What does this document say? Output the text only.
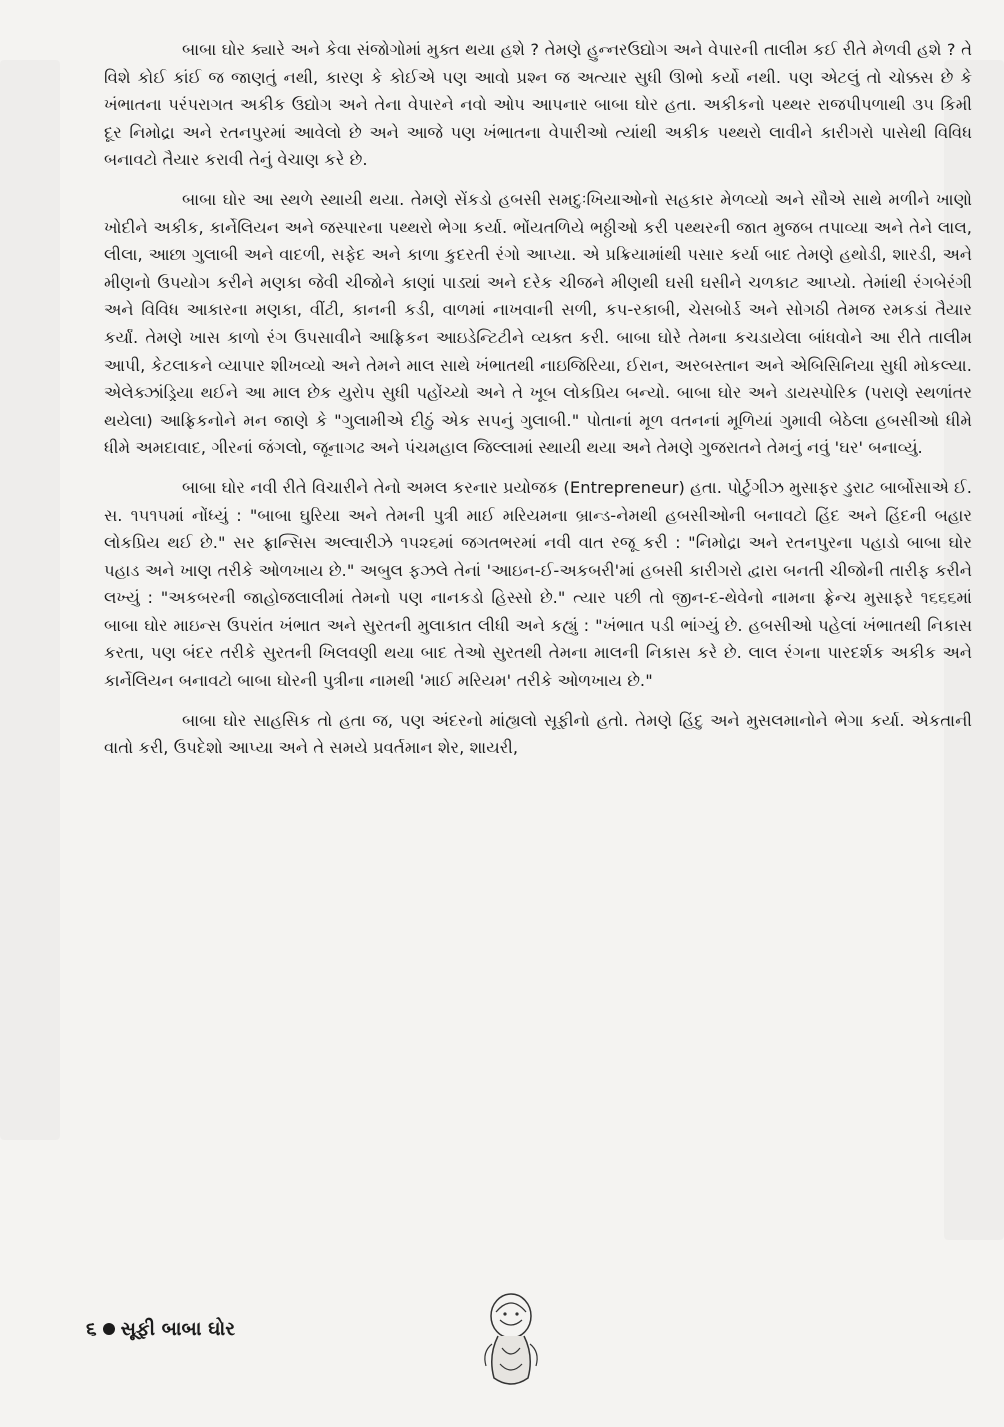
બાબા ઘોર ક્યારે અને કેવા સંજોગોમાં મુક્ત થયા હશે ? તેમણે હુન્નરઉદ્યોગ અને વેપારની તાલીમ કઈ રીતે મેળવી હશે ? તે વિશે કોઈ કાંઈ જ જાણતું નથી, કારણ કે કોઈએ પણ આવો પ્રશ્ન જ અત્યાર સુધી ઊભો કર્યો નથી. પણ એટલું તો ચોક્કસ છે કે ખંભાતના પરંપરાગત અકીક ઉદ્યોગ અને તેના વેપારને નવો ઓપ આપનાર બાબા ઘોર હતા. અકીકનો પથ્થર રાજપીપળાથી ૩૫ કિમી દૂર નિમોદ્રા અને રતનપુરમાં આવેલો છે અને આજે પણ ખંભાતના વેપારીઓ ત્યાંથી અકીક પથ્થરો લાવીને કારીગરો પાસેથી વિવિધ બનાવટો તૈયાર કરાવી તેનું વેચાણ કરે છે.

બાબા ઘોર આ સ્થળે સ્થાયી થયા. તેમણે સેંકડો હબસી સમદુઃખિયાઓનો સહકાર મેળવ્યો અને સૌએ સાથે મળીને ખાણો ખોદીને અકીક, કાર્નેલિયન અને જસ્પારના પથ્થરો ભેગા કર્યા. ભોંયતળિયે ભઠ્ઠીઓ કરી પથ્થરની જાત મુજબ તપાવ્યા અને તેને લાલ, લીલા, આછા ગુલાબી અને વાદળી, સફેદ અને કાળા કુદરતી રંગો આપ્યા. એ પ્રક્રિયામાંથી પસાર કર્યા બાદ તેમણે હથોડી, શારડી, અને મીણનો ઉપયોગ કરીને મણકા જેવી ચીજોને કાણાં પાડ્યાં અને દરેક ચીજને મીણથી ઘસી ઘસીને ચળકાટ આપ્યો. તેમાંથી રંગબેરંગી અને વિવિધ આકારના મણકા, વીંટી, કાનની કડી, વાળમાં નાખવાની સળી, કપ-રકાબી, ચેસબોર્ડ અને સોગઠી તેમજ રમકડાં તૈયાર કર્યાં. તેમણે ખાસ કાળો રંગ ઉપસાવીને આફ્રિકન આઇડેન્ટિટીને વ્યક્ત કરી. બાબા ઘોરે તેમના કચડાયેલા બાંધવોને આ રીતે તાલીમ આપી, કેટલાકને વ્યાપાર શીખવ્યો અને તેમને માલ સાથે ખંભાતથી નાઇજિરિયા, ઈરાન, અરબસ્તાન અને એબિસિનિયા સુધી મોકલ્યા. એલેક્ઝાંડ્રિયા થઈને આ માલ છેક યુરોપ સુધી પહોંચ્યો અને તે ખૂબ લોકપ્રિય બન્યો. બાબા ઘોર અને ડાયસ્પોરિક (પરાણે સ્થળાંતર થયેલા) આફ્રિકનોને મન જાણે કે "ગુલામીએ દીઠું એક સપનું ગુલાબી." પોતાનાં મૂળ વતનનાં મૂળિયાં ગુમાવી બેઠેલા હબસીઓ ધીમે ધીમે અમદાવાદ, ગીરનાં જંગલો, જૂનાગઢ અને પંચમહાલ જિલ્લામાં સ્થાયી થયા અને તેમણે ગુજરાતને તેમનું નવું 'ઘર' બનાવ્યું.

બાબા ઘોર નવી રીતે વિચારીને તેનો અમલ કરનાર પ્રયોજક (Entrepreneur) હતા. પોર્ટુગીઝ મુસાફર ડુરાટ બાર્બોસાએ ઈ. સ. ૧૫૧૫માં નોંધ્યું : "બાબા ઘુરિયા અને તેમની પુત્રી માઈ મરિયમના બ્રાન્ડ-નેમથી હબસીઓની બનાવટો હિંદ અને હિંદની બહાર લોકપ્રિય થઈ છે." સર ફ્રાન્સિસ અલ્વારીઝે ૧૫૨૬માં જગતભરમાં નવી વાત રજૂ કરી : "નિમોદ્રા અને રતનપુરના પહાડો બાબા ઘોર પહાડ અને ખાણ તરીકે ઓળખાય છે." અબુલ ફઝલે તેનાં 'આઇન-ઈ-અકબરી'માં હબસી કારીગરો દ્વારા બનતી ચીજોની તારીફ કરીને લખ્યું : "અકબરની જાહોજલાલીમાં તેમનો પણ નાનકડો હિસ્સો છે." ત્યાર પછી તો જીન-દ-થેવેનો નામના ફ્રેન્ચ મુસાફરે ૧૬૬૬માં બાબા ઘોર માઇન્સ ઉપરાંત ખંભાત અને સુરતની મુલાકાત લીધી અને કહ્યું : "ખંભાત પડી ભાંગ્યું છે. હબસીઓ પહેલાં ખંભાતથી નિકાસ કરતા, પણ બંદર તરીકે સુરતની ખિલવણી થયા બાદ તેઓ સુરતથી તેમના માલની નિકાસ કરે છે. લાલ રંગના પારદર્શક અકીક અને કાર્નેલિયન બનાવટો બાબા ઘોરની પુત્રીના નામથી 'માઈ મરિયમ' તરીકે ઓળખાય છે."

બાબા ઘોર સાહસિક તો હતા જ, પણ અંદરનો માંહ્યલો સૂફીનો હતો. તેમણે હિંદુ અને મુસલમાનોને ભેગા કર્યા. એકતાની વાતો કરી, ઉપદેશો આપ્યા અને તે સમયે પ્રવર્તમાન શેર, શાયરી,

૬ સૂફી બાબા ઘોર
